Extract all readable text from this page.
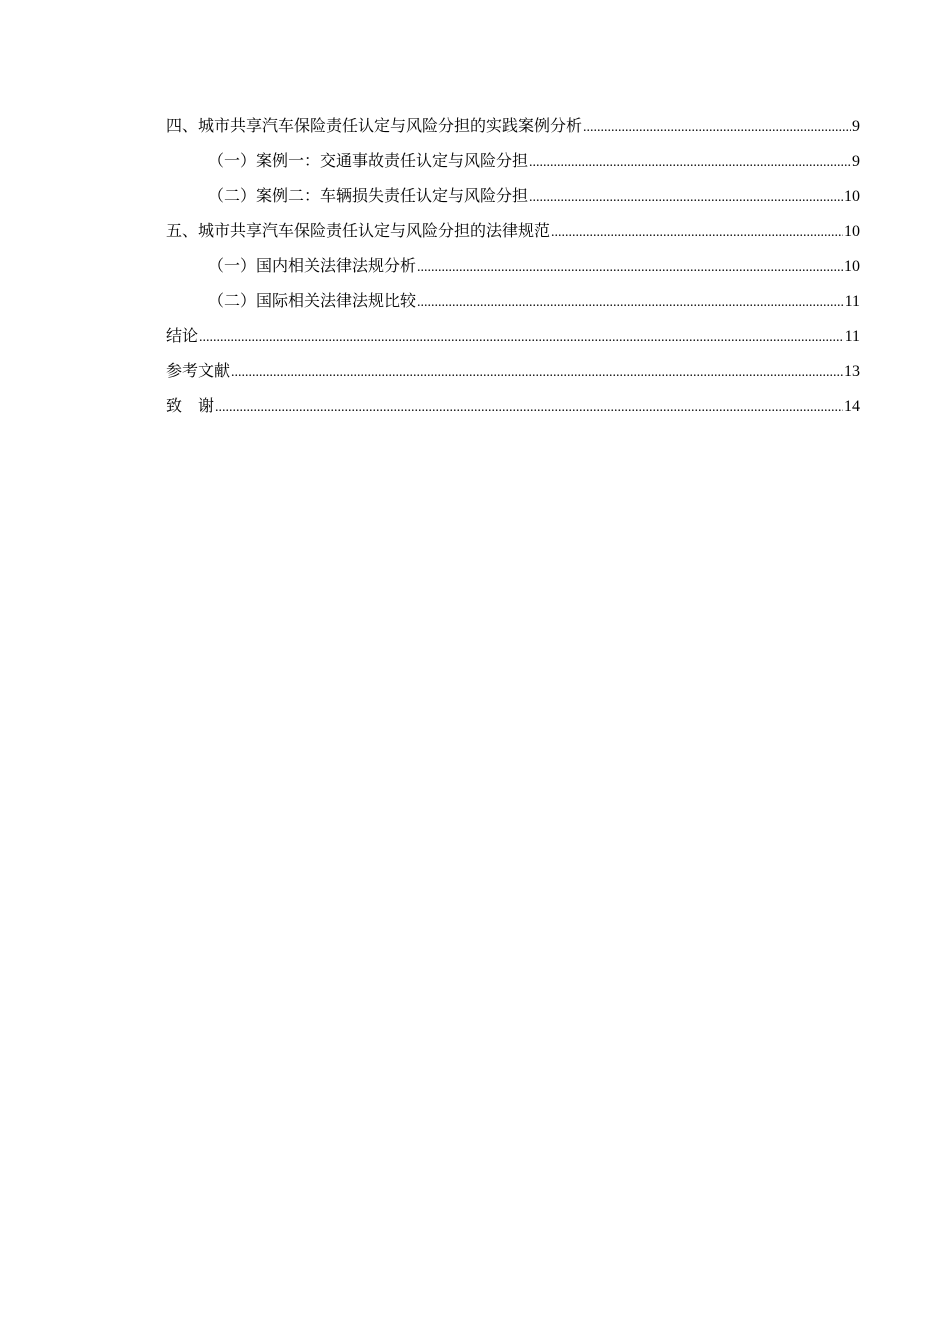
四、城市共享汽车保险责任认定与风险分担的实践案例分析 .....	9
（一）案例一：交通事故责任认定与风险分担 .....	9
（二）案例二：车辆损失责任认定与风险分担 .....	10
五、城市共享汽车保险责任认定与风险分担的法律规范 .....	10
（一）国内相关法律法规分析 .....	10
（二）国际相关法律法规比较 .....	11
结论 .....	11
参考文献 .....	13
致　谢 .....	14
